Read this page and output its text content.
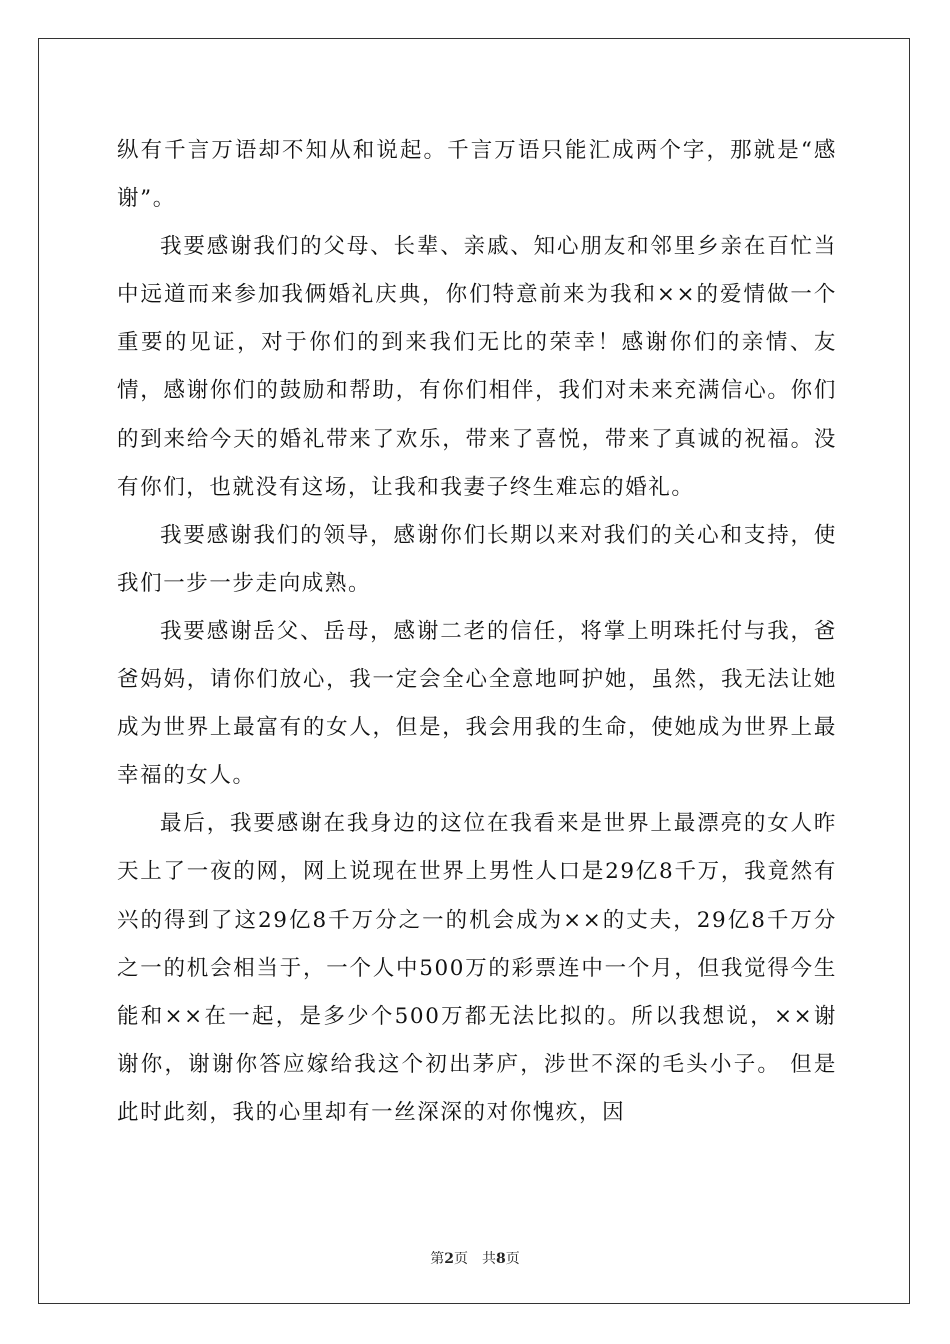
纵有千言万语却不知从和说起。千言万语只能汇成两个字，那就是“感谢”。

我要感谢我们的父母、长辈、亲戚、知心朋友和邻里乡亲在百忙当中远道而来参加我俩婚礼庆典，你们特意前来为我和××的爱情做一个重要的见证，对于你们的到来我们无比的荣幸！感谢你们的亲情、友情，感谢你们的鼓励和帮助，有你们相伴，我们对未来充满信心。你们的到来给今天的婚礼带来了欢乐，带来了喜悦，带来了真诚的祝福。没有你们，也就没有这场，让我和我妻子终生难忘的婚礼。

我要感谢我们的领导，感谢你们长期以来对我们的关心和支持，使我们一步一步走向成熟。

我要感谢岳父、岳母，感谢二老的信任，将掌上明珠托付与我，爸爸妈妈，请你们放心，我一定会全心全意地呵护她，虽然，我无法让她成为世界上最富有的女人，但是，我会用我的生命，使她成为世界上最幸福的女人。

最后，我要感谢在我身边的这位在我看来是世界上最漂亮的女人昨天上了一夜的网，网上说现在世界上男性人口是29亿8千万，我竟然有兴的得到了这29亿8千万分之一的机会成为××的丈夫，29亿8千万分之一的机会相当于，一个人中500万的彩票连中一个月，但我觉得今生能和××在一起，是多少个500万都无法比拟的。所以我想说，××谢谢你，谢谢你答应嫁给我这个初出茅庐，涉世不深的毛头小子。 但是此时此刻，我的心里却有一丝深深的对你愧疚，因

第2页 共8页
